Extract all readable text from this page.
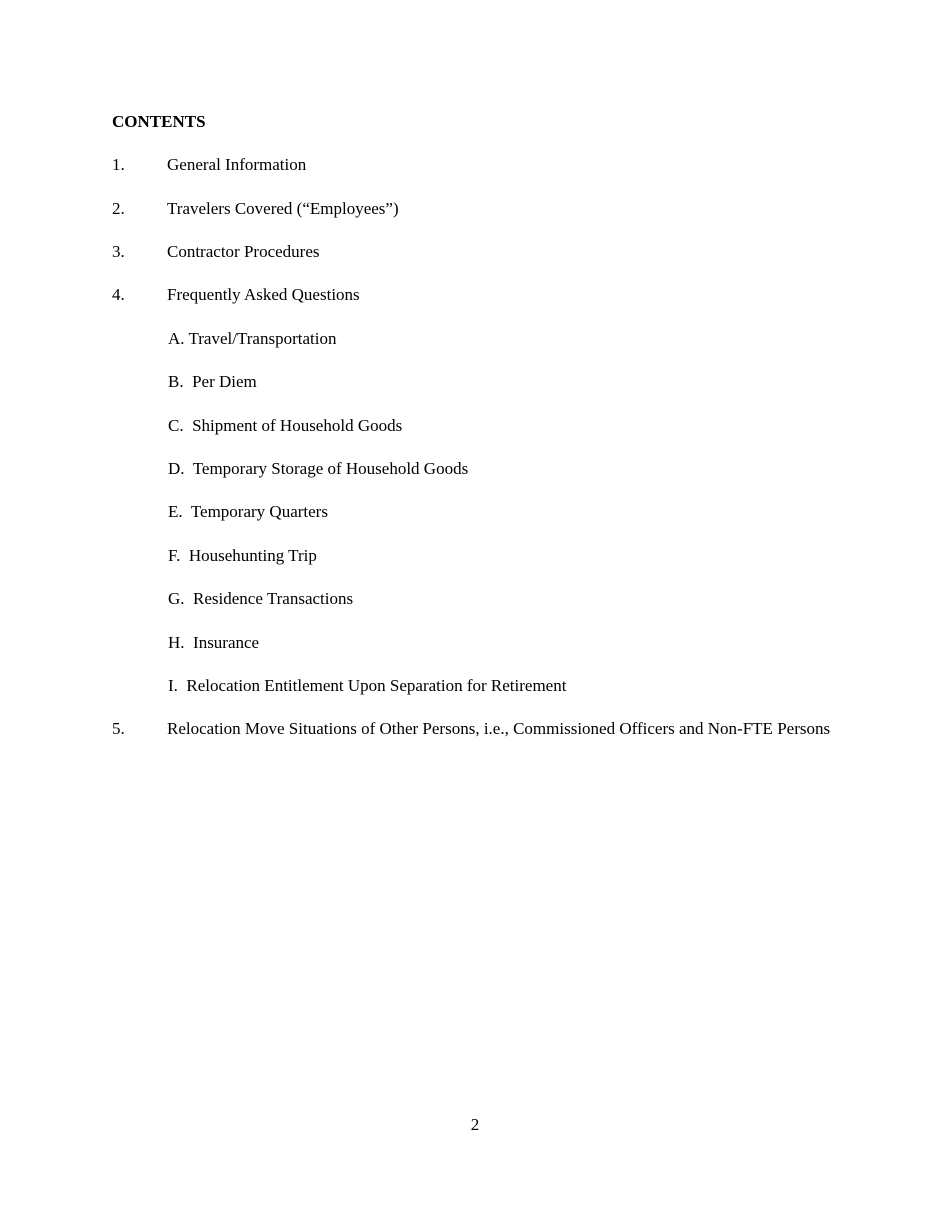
CONTENTS
1. General Information
2. Travelers Covered (“Employees”)
3. Contractor Procedures
4. Frequently Asked Questions
A. Travel/Transportation
B.  Per Diem
C.  Shipment of Household Goods
D.  Temporary Storage of Household Goods
E.  Temporary Quarters
F.  Househunting Trip
G.  Residence Transactions
H.  Insurance
I.  Relocation Entitlement Upon Separation for Retirement
5. Relocation Move Situations of Other Persons, i.e., Commissioned Officers and Non-FTE Persons
2
